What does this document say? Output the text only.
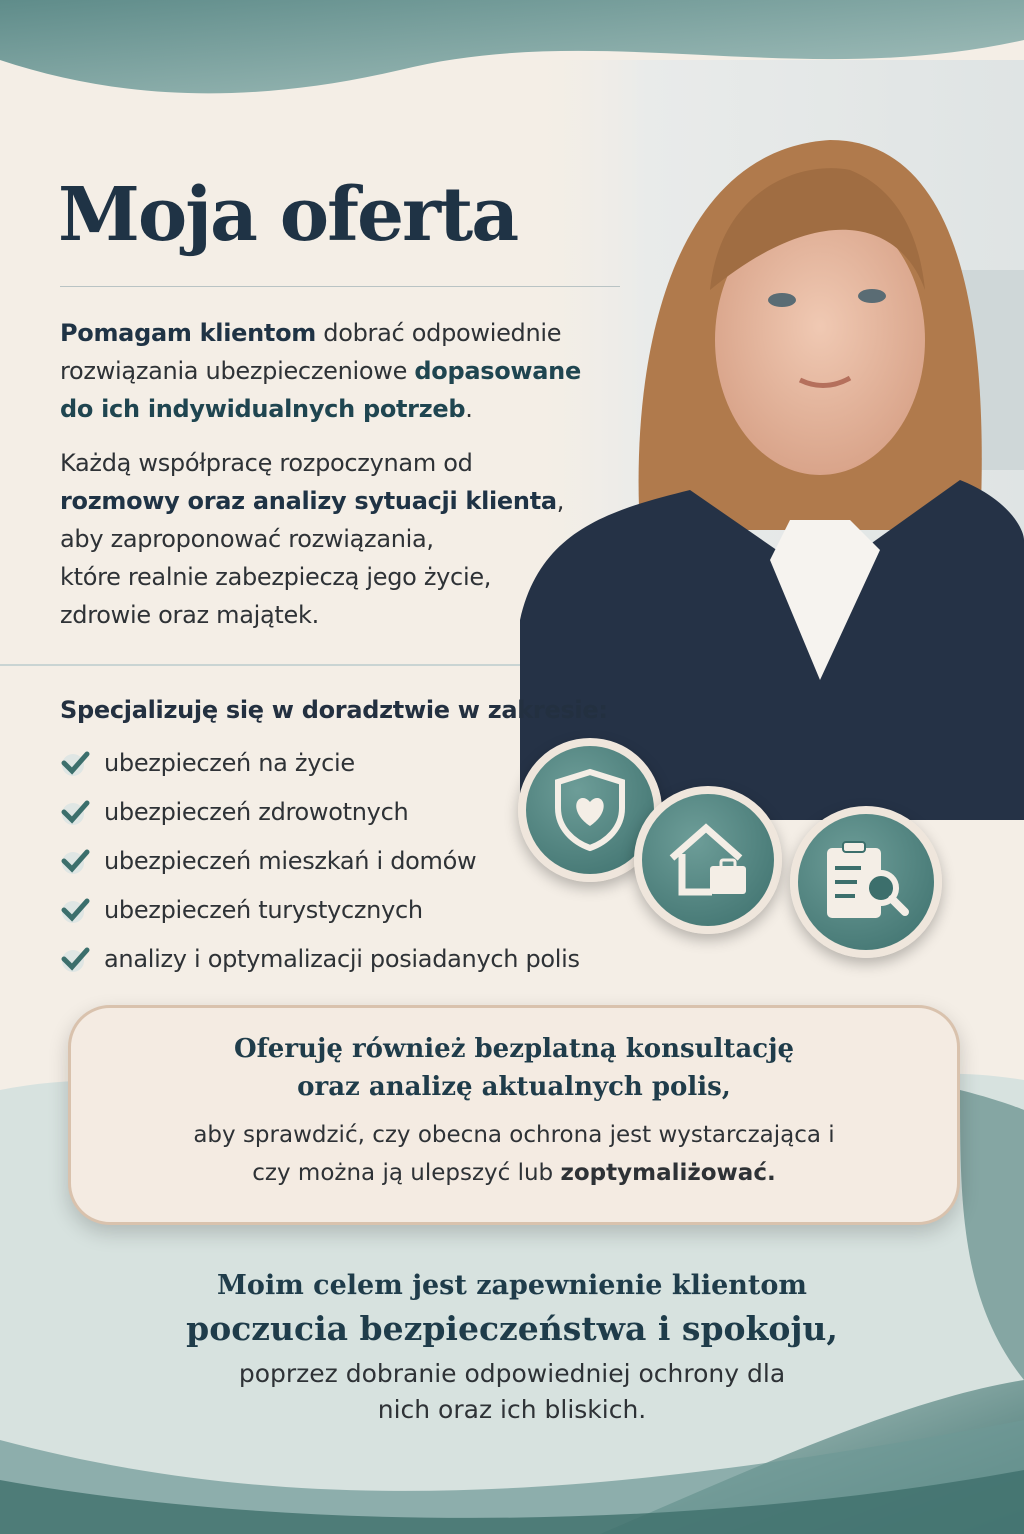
Moja oferta
Pomagam klientom dobrać odpowiednie
rozwiązania ubezpieczeniowe dopasowane
do ich indywidualnych potrzeb.
Każdą współpracę rozpoczynam od
rozmowy oraz analizy sytuacji klienta,
aby zaproponować rozwiązania,
które realnie zabezpieczą jego życie,
zdrowie oraz majątek.
Specjalizuję się w doradztwie w zakresie:
ubezpieczeń na życie
ubezpieczeń zdrowotnych
ubezpieczeń mieszkań i domów
ubezpieczeń turystycznych
analizy i optymalizacji posiadanych polis
Oferuję również bezplatną konsultację
oraz analizę aktualnych polis,
aby sprawdzić, czy obecna ochrona jest wystarczająca i
czy można ją ulepszyć lub zoptymaliżować.
Moim celem jest zapewnienie klientom
poczucia bezpieczeństwa i spokoju,
poprzez dobranie odpowiedniej ochrony dla
nich oraz ich bliskich.
